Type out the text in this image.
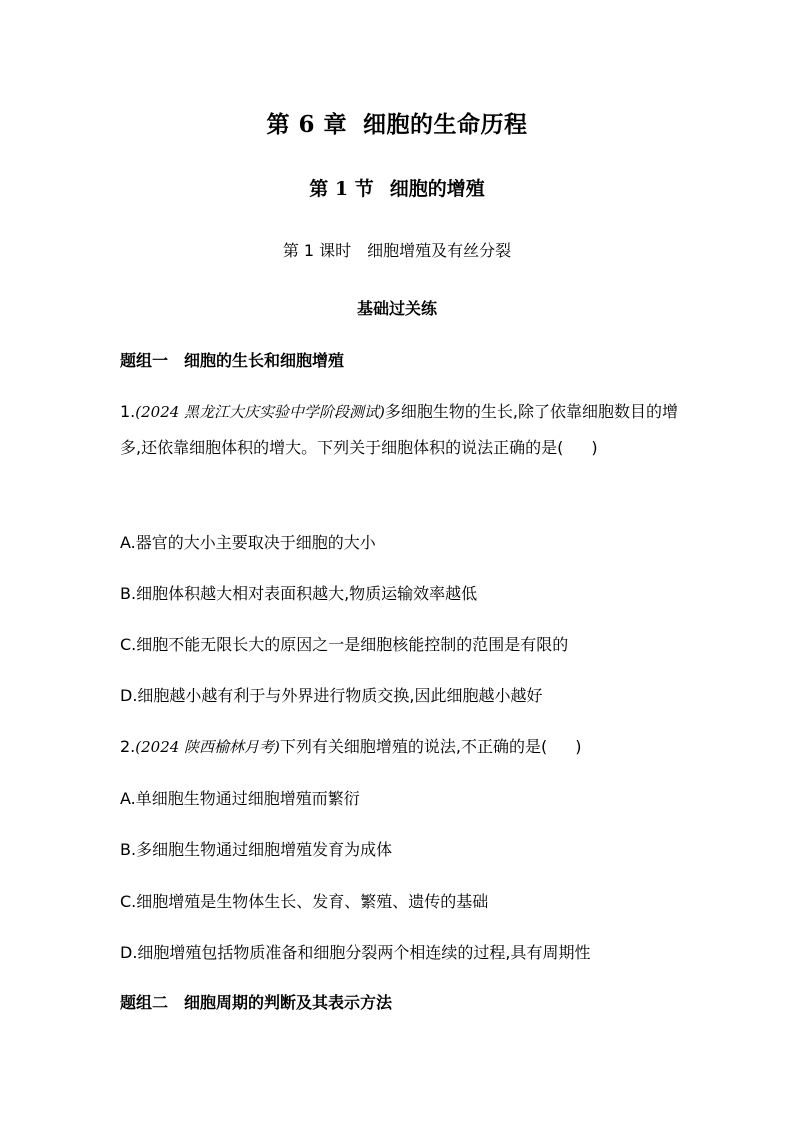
第 6 章 细胞的生命历程
第 1 节 细胞的增殖
第 1 课时 细胞增殖及有丝分裂
基础过关练
题组一 细胞的生长和细胞增殖
1.(2024 黑龙江大庆实验中学阶段测试)多细胞生物的生长,除了依靠细胞数目的增多,还依靠细胞体积的增大。下列关于细胞体积的说法正确的是( )
A.器官的大小主要取决于细胞的大小
B.细胞体积越大相对表面积越大,物质运输效率越低
C.细胞不能无限长大的原因之一是细胞核能控制的范围是有限的
D.细胞越小越有利于与外界进行物质交换,因此细胞越小越好
2.(2024 陕西榆林月考)下列有关细胞增殖的说法,不正确的是( )
A.单细胞生物通过细胞增殖而繁衍
B.多细胞生物通过细胞增殖发育为成体
C.细胞增殖是生物体生长、发育、繁殖、遗传的基础
D.细胞增殖包括物质准备和细胞分裂两个相连续的过程,具有周期性
题组二 细胞周期的判断及其表示方法
